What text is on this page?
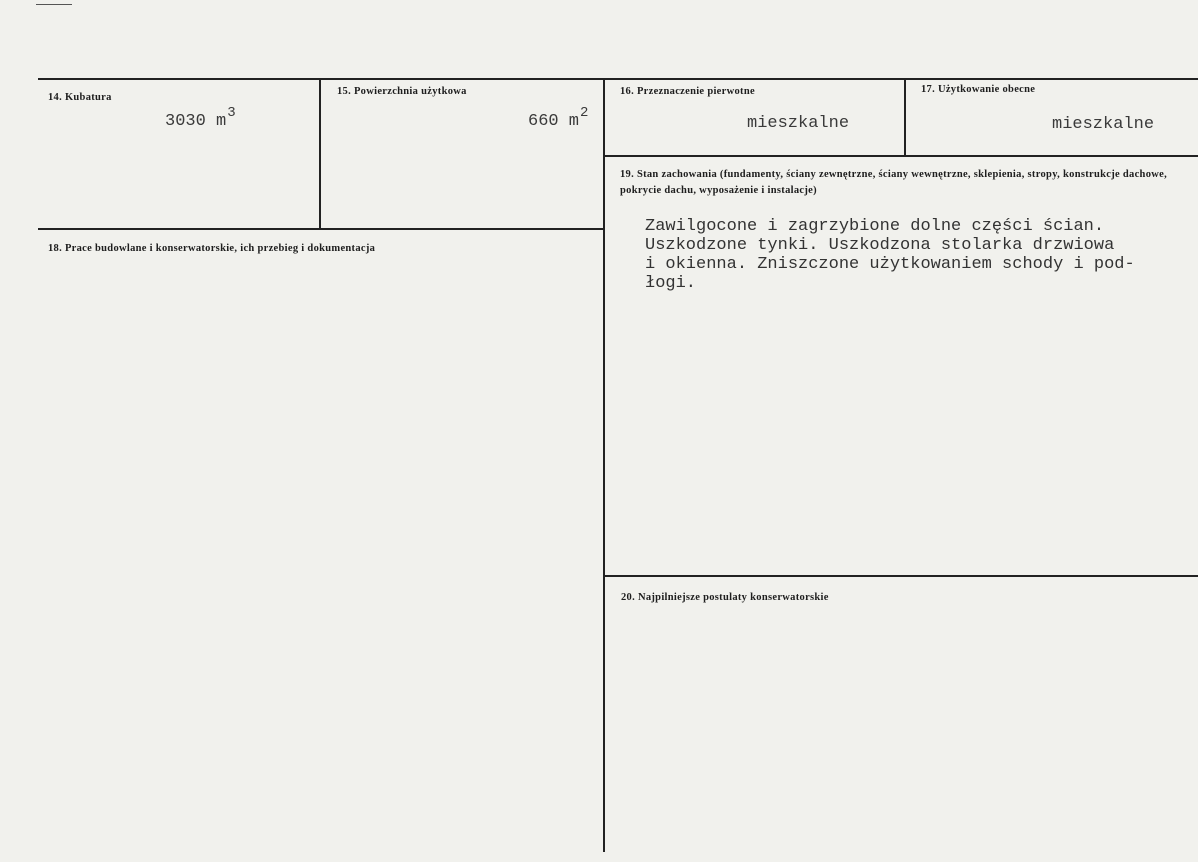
14. Kubatura
3030 $m^3$
15. Powierzchnia użytkowa
660 $m^2$
16. Przeznaczenie pierwotne
mieszkalne
17. Użytkowanie obecne
mieszkalne
18. Prace budowlane i konserwatorskie, ich przebieg i dokumentacja
19. Stan zachowania (fundamenty, ściany zewnętrzne, ściany wewnętrzne, sklepienia, stropy, konstrukcje dachowe, pokrycie dachu, wyposażenie i instalacje)
Zawilgocone i zagrzybione dolne części ścian.
Uszkodzone tynki. Uszkodzona stolarka drzwiowa
i okienna. Zniszczone użytkowaniem schody i pod-
łogi.
20. Najpilniejsze postulaty konserwatorskie
